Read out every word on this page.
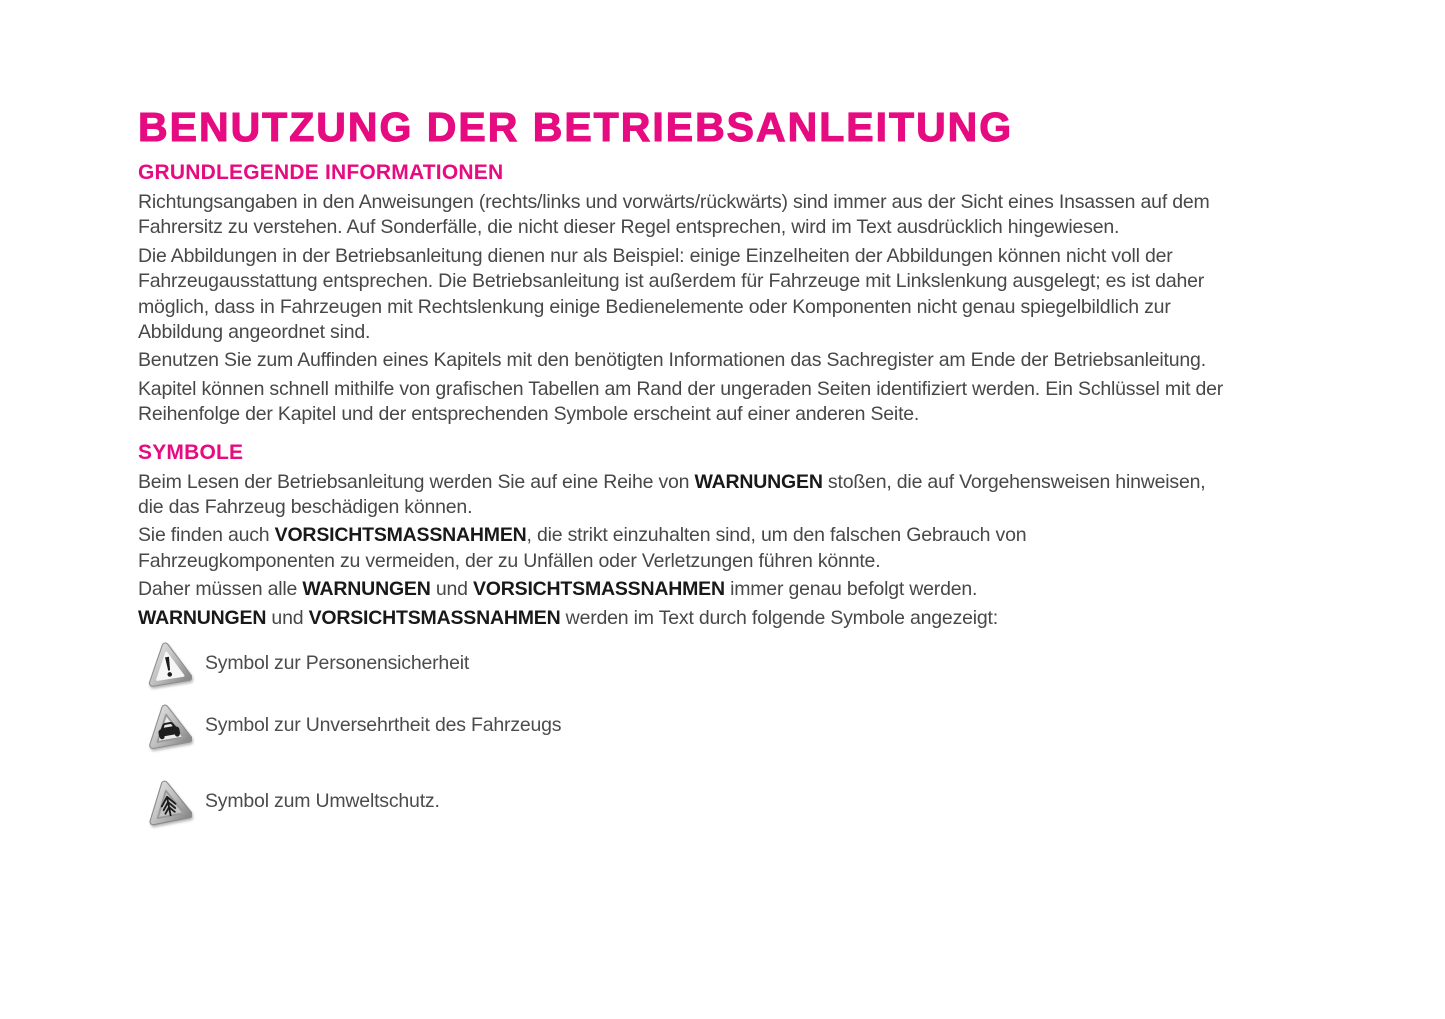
BENUTZUNG DER BETRIEBSANLEITUNG
GRUNDLEGENDE INFORMATIONEN

Richtungsangaben in den Anweisungen (rechts/links und vorwärts/rückwärts) sind immer aus der Sicht eines Insassen auf dem
Fahrersitz zu verstehen. Auf Sonderfälle, die nicht dieser Regel entsprechen, wird im Text ausdrücklich hingewiesen.

Die Abbildungen in der Betriebsanleitung dienen nur als Beispiel: einige Einzelheiten der Abbildungen können nicht voll der
Fahrzeugausstattung entsprechen. Die Betriebsanleitung ist außerdem für Fahrzeuge mit Linkslenkung ausgelegt; es ist daher
möglich, dass in Fahrzeugen mit Rechtslenkung einige Bedienelemente oder Komponenten nicht genau spiegelbildlich zur
Abbildung angeordnet sind.

Benutzen Sie zum Auffinden eines Kapitels mit den benötigten Informationen das Sachregister am Ende der Betriebsanleitung.

Kapitel können schnell mithilfe von grafischen Tabellen am Rand der ungeraden Seiten identifiziert werden. Ein Schlüssel mit der
Reihenfolge der Kapitel und der entsprechenden Symbole erscheint auf einer anderen Seite.

SYMBOLE

Beim Lesen der Betriebsanleitung werden Sie auf eine Reihe von WARNUNGEN stoßen, die auf Vorgehensweisen hinweisen,
die das Fahrzeug beschädigen können.

Sie finden auch VORSICHTSMASSNAHMEN, die strikt einzuhalten sind, um den falschen Gebrauch von
Fahrzeugkomponenten zu vermeiden, der zu Unfällen oder Verletzungen führen könnte.

Daher müssen alle WARNUNGEN und VORSICHTSMASSNAHMEN immer genau befolgt werden.

WARNUNGEN und VORSICHTSMASSNAHMEN werden im Text durch folgende Symbole angezeigt:

Symbol zur Personensicherheit
Symbol zur Unversehrtheit des Fahrzeugs
Symbol zum Umweltschutz.
